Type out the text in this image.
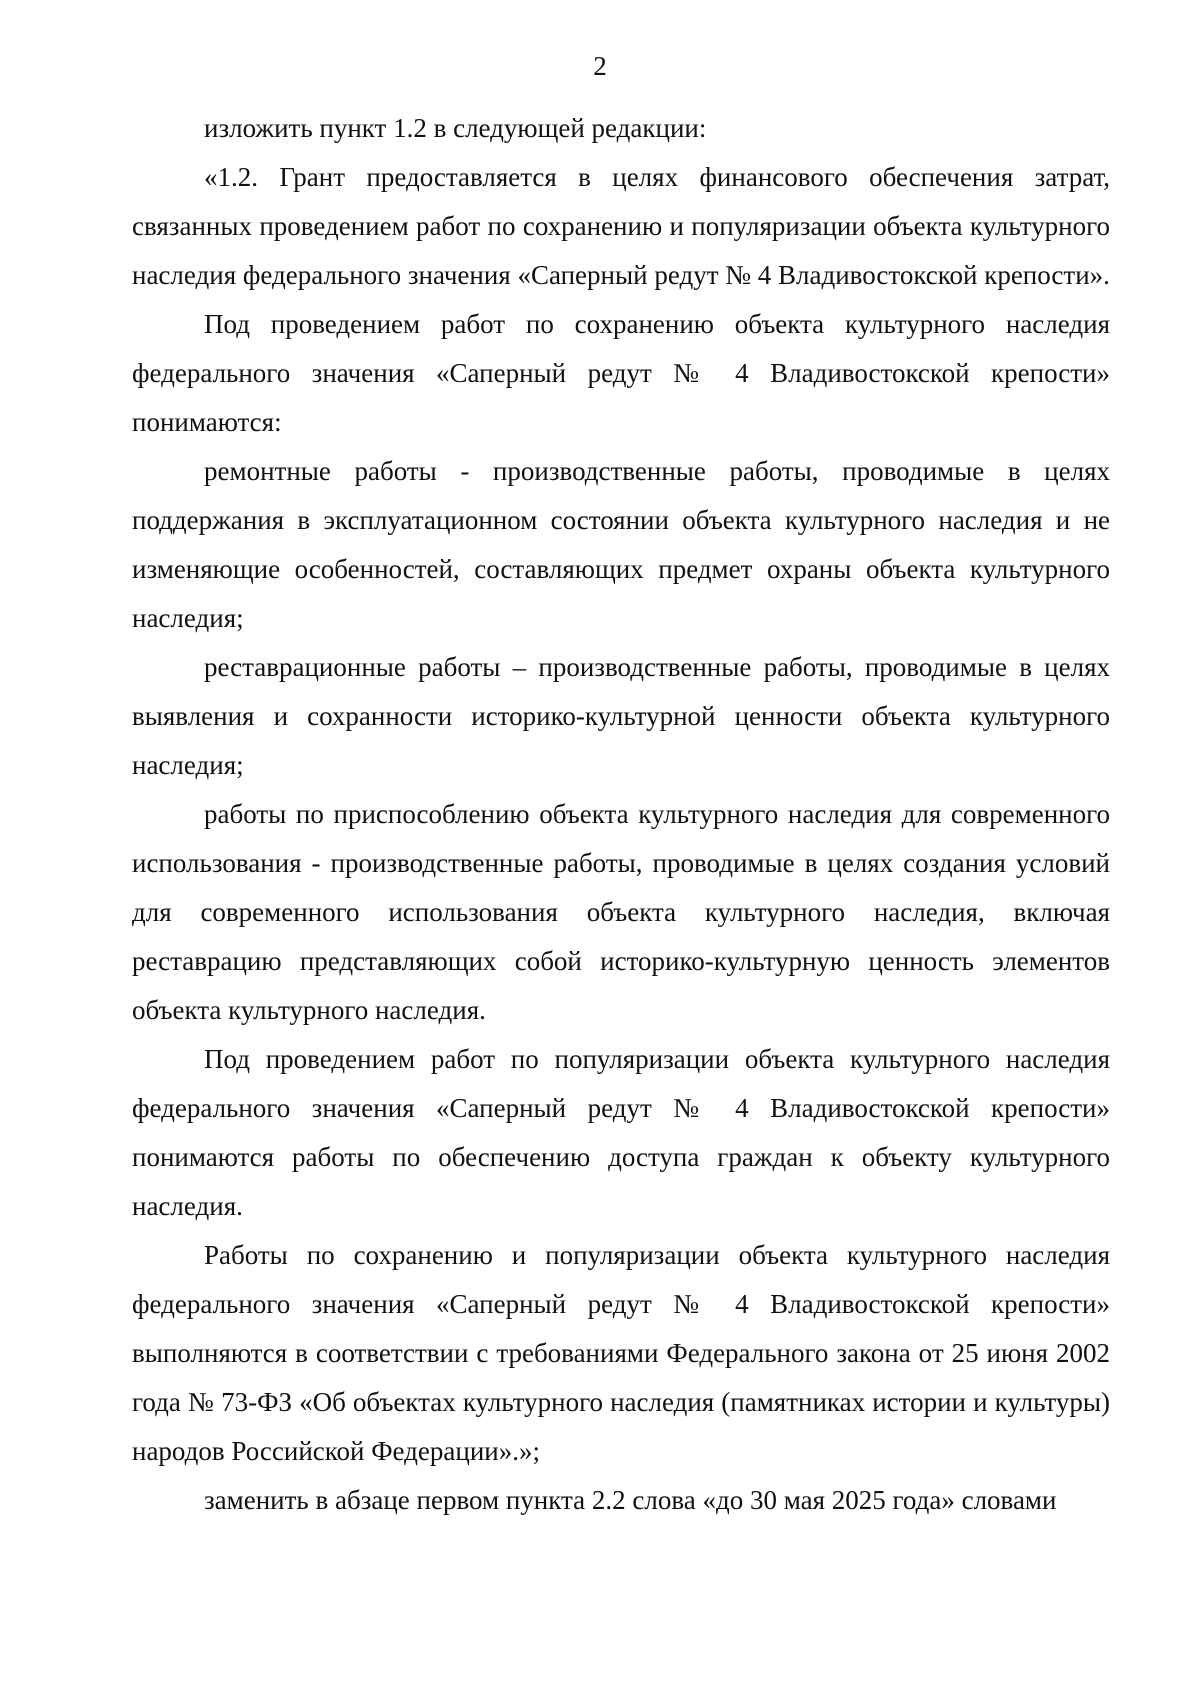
2

изложить пункт 1.2 в следующей редакции:

«1.2. Грант предоставляется в целях финансового обеспечения затрат, связанных проведением работ по сохранению и популяризации объекта культурного наследия федерального значения «Саперный редут № 4 Владивостокской крепости».

Под проведением работ по сохранению объекта культурного наследия федерального значения «Саперный редут № 4 Владивостокской крепости» понимаются:

ремонтные работы - производственные работы, проводимые в целях поддержания в эксплуатационном состоянии объекта культурного наследия и не изменяющие особенностей, составляющих предмет охраны объекта культурного наследия;

реставрационные работы – производственные работы, проводимые в целях выявления и сохранности историко-культурной ценности объекта культурного наследия;

работы по приспособлению объекта культурного наследия для современного использования - производственные работы, проводимые в целях создания условий для современного использования объекта культурного наследия, включая реставрацию представляющих собой историко-культурную ценность элементов объекта культурного наследия.

Под проведением работ по популяризации объекта культурного наследия федерального значения «Саперный редут № 4 Владивостокской крепости» понимаются работы по обеспечению доступа граждан к объекту культурного наследия.

Работы по сохранению и популяризации объекта культурного наследия федерального значения «Саперный редут № 4 Владивостокской крепости» выполняются в соответствии с требованиями Федерального закона от 25 июня 2002 года № 73-ФЗ «Об объектах культурного наследия (памятниках истории и культуры) народов Российской Федерации».»;

заменить в абзаце первом пункта 2.2 слова «до 30 мая 2025 года» словами
